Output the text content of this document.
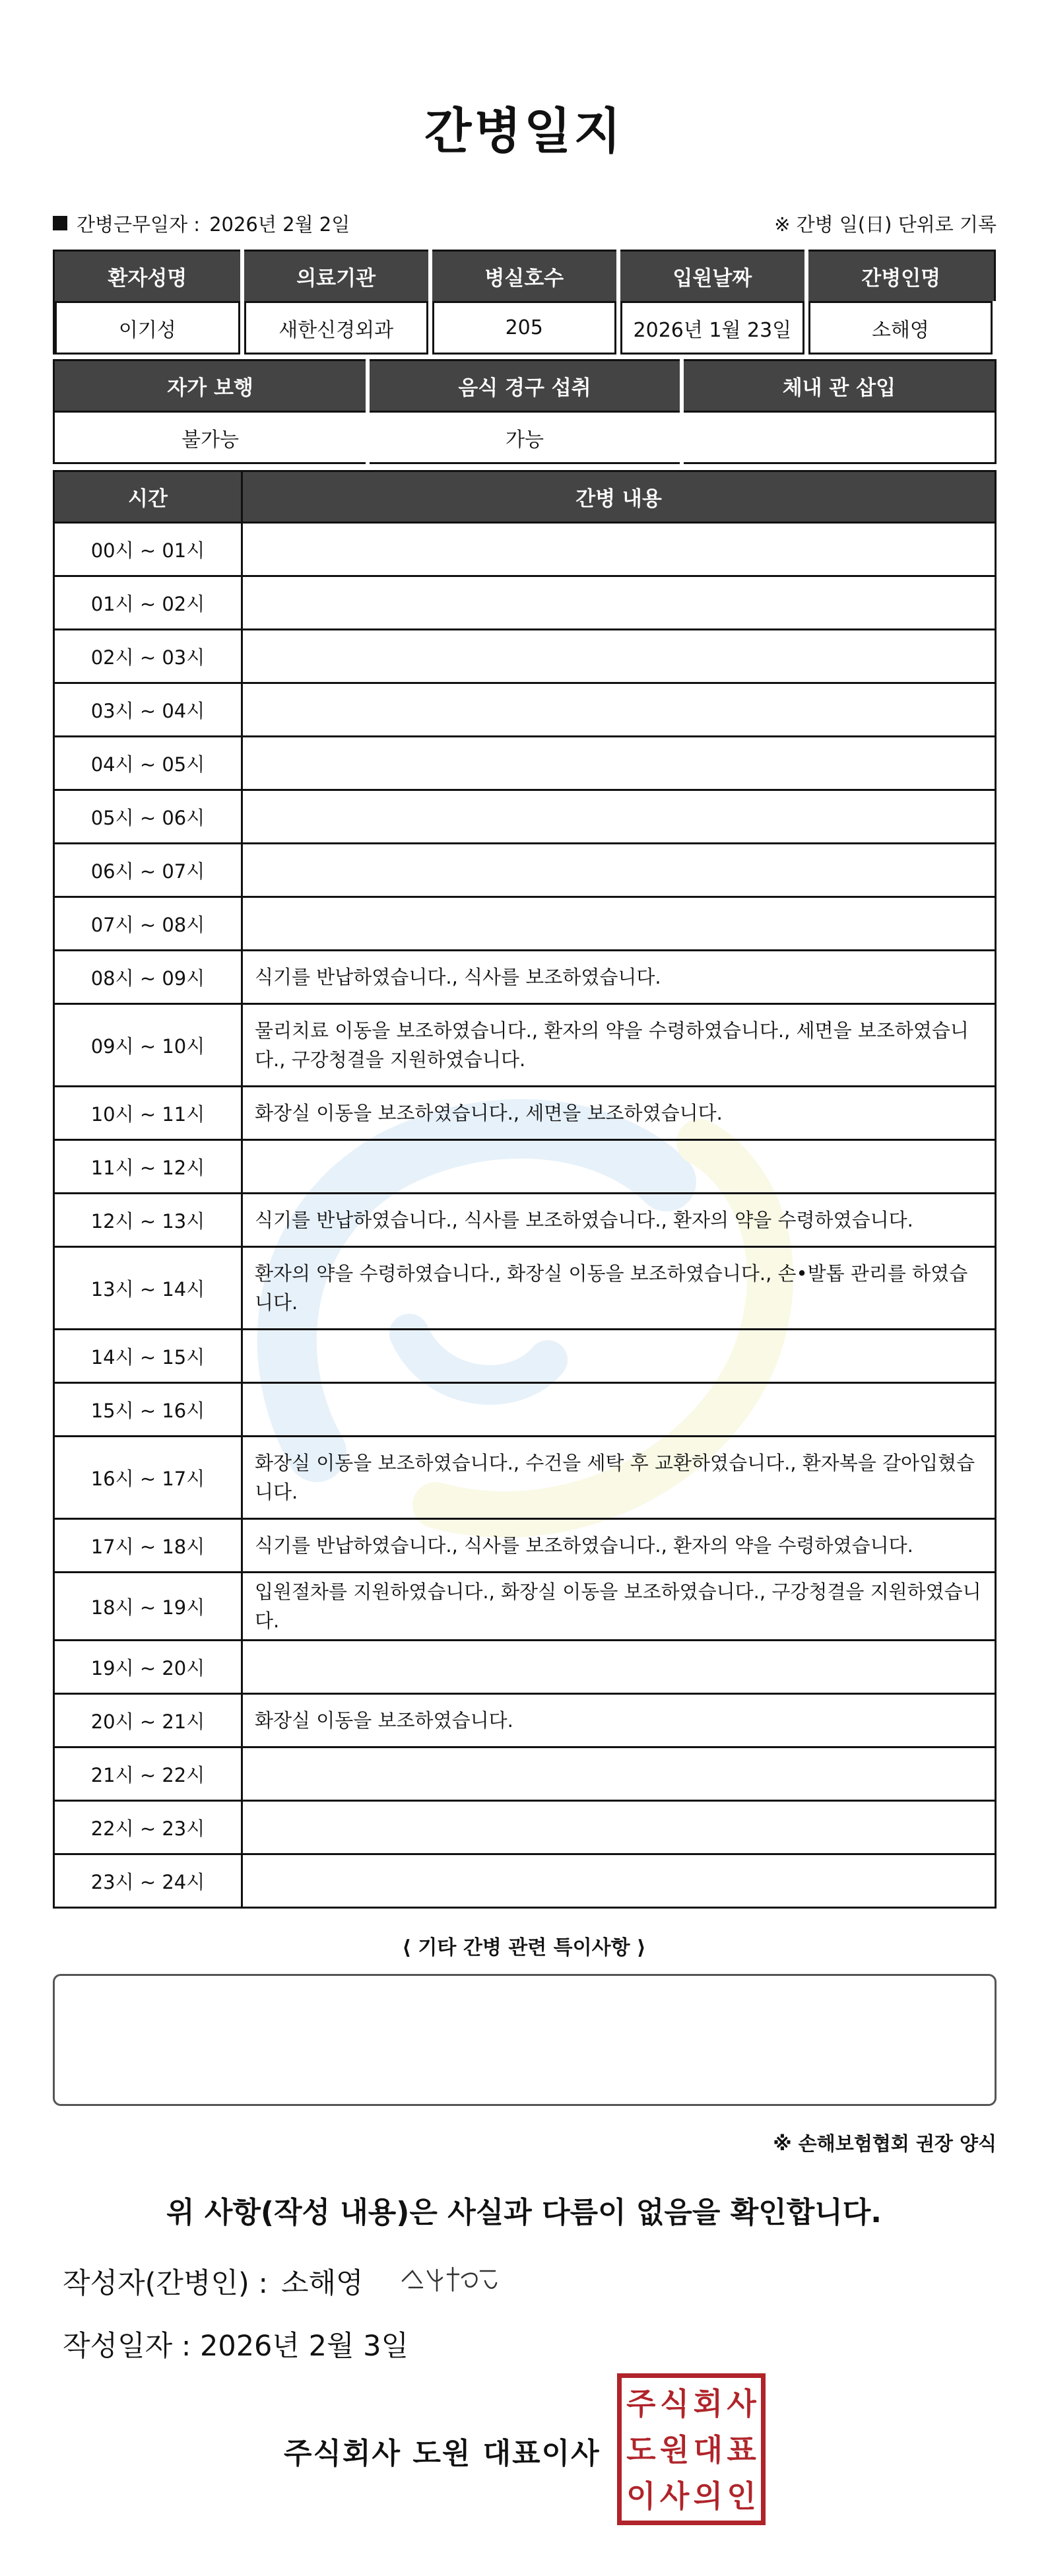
간병일지
간병근무일자 : 2026년 2월 2일	※ 간병 일(日) 단위로 기록
환자성명	의료기관	병실호수	입원날짜	간병인명
이기성	새한신경외과	205	2026년 1월 23일	소해영
자가 보행	음식 경구 섭취	체내 관 삽입
불가능	가능	
시간	간병 내용
00시 ~ 01시	
01시 ~ 02시	
02시 ~ 03시	
03시 ~ 04시	
04시 ~ 05시	
05시 ~ 06시	
06시 ~ 07시	
07시 ~ 08시	
08시 ~ 09시	식기를 반납하였습니다., 식사를 보조하였습니다.
09시 ~ 10시	물리치료 이동을 보조하였습니다., 환자의 약을 수령하였습니다., 세면을 보조하였습니다., 구강청결을 지원하였습니다.
10시 ~ 11시	화장실 이동을 보조하였습니다., 세면을 보조하였습니다.
11시 ~ 12시	
12시 ~ 13시	식기를 반납하였습니다., 식사를 보조하였습니다., 환자의 약을 수령하였습니다.
13시 ~ 14시	환자의 약을 수령하였습니다., 화장실 이동을 보조하였습니다., 손•발톱 관리를 하였습니다.
14시 ~ 15시	
15시 ~ 16시	
16시 ~ 17시	화장실 이동을 보조하였습니다., 수건을 세탁 후 교환하였습니다., 환자복을 갈아입혔습니다.
17시 ~ 18시	식기를 반납하였습니다., 식사를 보조하였습니다., 환자의 약을 수령하였습니다.
18시 ~ 19시	입원절차를 지원하였습니다., 화장실 이동을 보조하였습니다., 구강청결을 지원하였습니다.
19시 ~ 20시	
20시 ~ 21시	화장실 이동을 보조하였습니다.
21시 ~ 22시	
22시 ~ 23시	
23시 ~ 24시	
⟨ 기타 간병 관련 특이사항 ⟩
※ 손해보험협회 권장 양식
위 사항(작성 내용)은 사실과 다름이 없음을 확인합니다.
작성자(간병인) : 소해영
작성일자 : 2026년 2월 3일
주식회사 도원 대표이사
주 식 회 사
도 원 대 표
이 사 의 인
